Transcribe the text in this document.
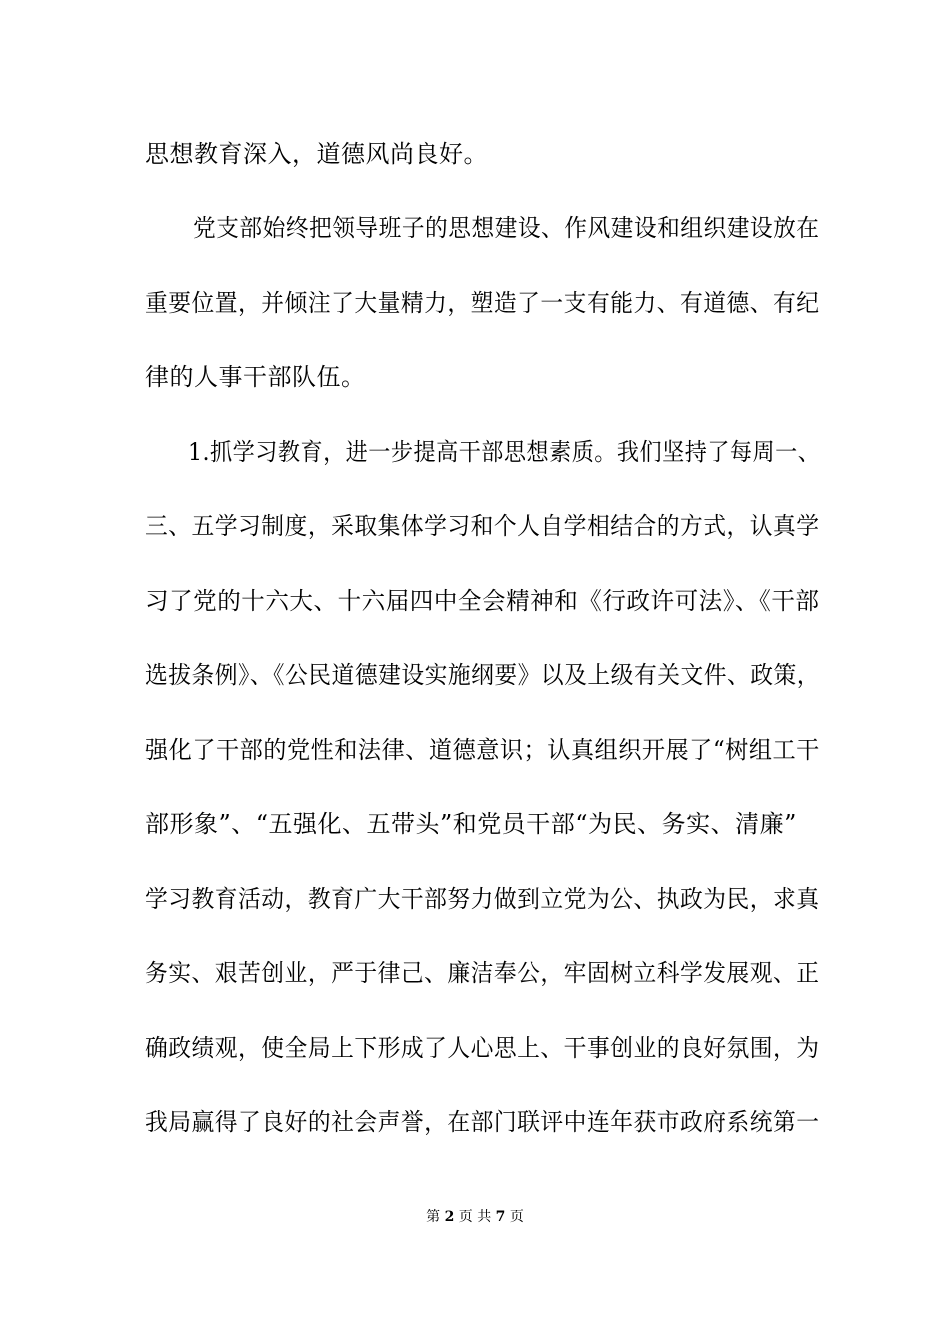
思想教育深入，道德风尚良好。
党支部始终把领导班子的思想建设、作风建设和组织建设放在
重要位置，并倾注了大量精力，塑造了一支有能力、有道德、有纪
律的人事干部队伍。
1.抓学习教育，进一步提高干部思想素质。我们坚持了每周一、
三、五学习制度，采取集体学习和个人自学相结合的方式，认真学
习了党的十六大、十六届四中全会精神和《行政许可法》、《干部
选拔条例》、《公民道德建设实施纲要》以及上级有关文件、政策，
强化了干部的党性和法律、道德意识；认真组织开展了“树组工干
部形象”、“五强化、五带头”和党员干部“为民、务实、清廉”
学习教育活动，教育广大干部努力做到立党为公、执政为民，求真
务实、艰苦创业，严于律己、廉洁奉公，牢固树立科学发展观、正
确政绩观，使全局上下形成了人心思上、干事创业的良好氛围，为
我局赢得了良好的社会声誉，在部门联评中连年获市政府系统第一
第 2 页 共 7 页
